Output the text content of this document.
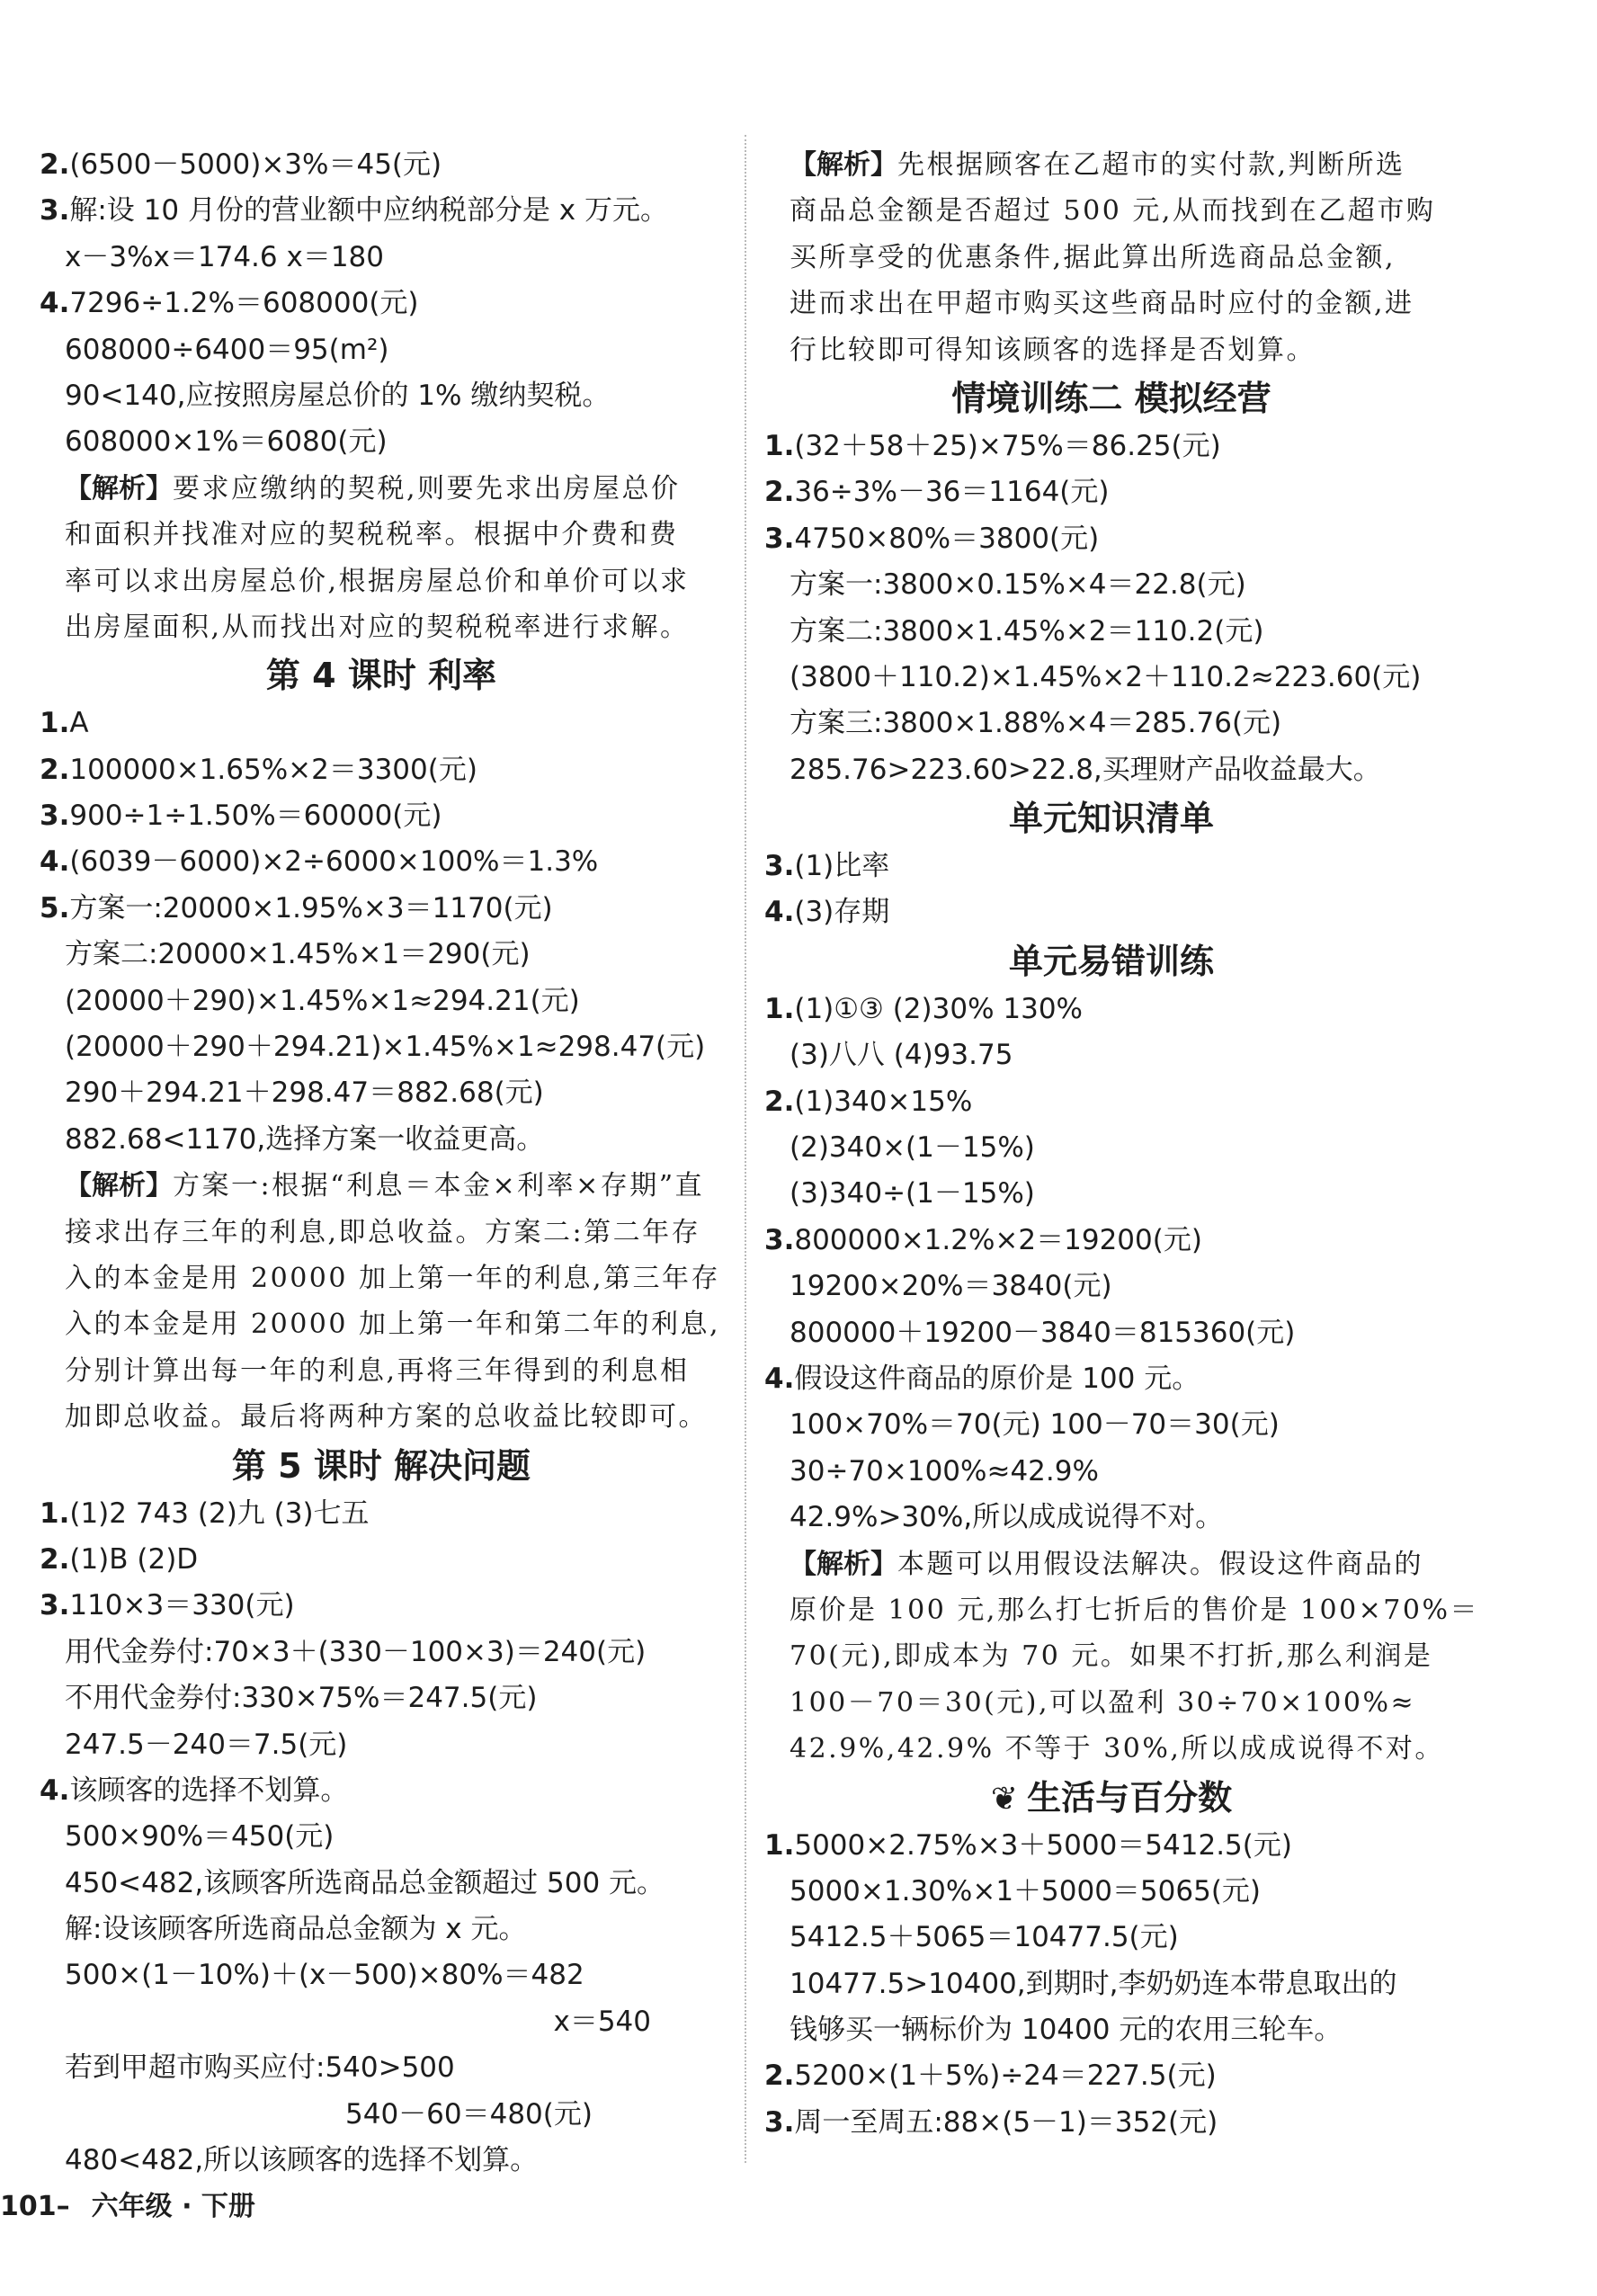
2.(6500－5000)×3%＝45(元)
3.解:设 10 月份的营业额中应纳税部分是 x 万元。
x－3%x＝174.6 x＝180
4.7296÷1.2%＝608000(元)
608000÷6400＝95(m²)
90<140,应按照房屋总价的 1% 缴纳契税。
608000×1%＝6080(元)
【解析】要求应缴纳的契税,则要先求出房屋总价
和面积并找准对应的契税税率。根据中介费和费
率可以求出房屋总价,根据房屋总价和单价可以求
出房屋面积,从而找出对应的契税税率进行求解。
第 4 课时 利率
1.A
2.100000×1.65%×2＝3300(元)
3.900÷1÷1.50%＝60000(元)
4.(6039－6000)×2÷6000×100%＝1.3%
5.方案一:20000×1.95%×3＝1170(元)
方案二:20000×1.45%×1＝290(元)
(20000＋290)×1.45%×1≈294.21(元)
(20000＋290＋294.21)×1.45%×1≈298.47(元)
290＋294.21＋298.47＝882.68(元)
882.68<1170,选择方案一收益更高。
【解析】方案一:根据“利息＝本金×利率×存期”直
接求出存三年的利息,即总收益。方案二:第二年存
入的本金是用 20000 加上第一年的利息,第三年存
入的本金是用 20000 加上第一年和第二年的利息,
分别计算出每一年的利息,再将三年得到的利息相
加即总收益。最后将两种方案的总收益比较即可。
第 5 课时 解决问题
1.(1)2 743 (2)九 (3)七五
2.(1)B (2)D
3.110×3＝330(元)
用代金券付:70×3＋(330－100×3)＝240(元)
不用代金券付:330×75%＝247.5(元)
247.5－240＝7.5(元)
4.该顾客的选择不划算。
500×90%＝450(元)
450<482,该顾客所选商品总金额超过 500 元。
解:设该顾客所选商品总金额为 x 元。
500×(1－10%)＋(x－500)×80%＝482
x＝540
若到甲超市购买应付:540>500
540－60＝480(元)
480<482,所以该顾客的选择不划算。
【解析】先根据顾客在乙超市的实付款,判断所选
商品总金额是否超过 500 元,从而找到在乙超市购
买所享受的优惠条件,据此算出所选商品总金额,
进而求出在甲超市购买这些商品时应付的金额,进
行比较即可得知该顾客的选择是否划算。
情境训练二 模拟经营
1.(32＋58＋25)×75%＝86.25(元)
2.36÷3%－36＝1164(元)
3.4750×80%＝3800(元)
方案一:3800×0.15%×4＝22.8(元)
方案二:3800×1.45%×2＝110.2(元)
(3800＋110.2)×1.45%×2＋110.2≈223.60(元)
方案三:3800×1.88%×4＝285.76(元)
285.76>223.60>22.8,买理财产品收益最大。
单元知识清单
3.(1)比率
4.(3)存期
单元易错训练
1.(1)①③ (2)30% 130%
(3)八八 (4)93.75
2.(1)340×15%
(2)340×(1－15%)
(3)340÷(1－15%)
3.800000×1.2%×2＝19200(元)
19200×20%＝3840(元)
800000＋19200－3840＝815360(元)
4.假设这件商品的原价是 100 元。
100×70%＝70(元) 100－70＝30(元)
30÷70×100%≈42.9%
42.9%>30%,所以成成说得不对。
【解析】本题可以用假设法解决。假设这件商品的
原价是 100 元,那么打七折后的售价是 100×70%＝
70(元),即成本为 70 元。如果不打折,那么利润是
100－70＝30(元),可以盈利 30÷70×100%≈
42.9%,42.9% 不等于 30%,所以成成说得不对。
❦ 生活与百分数
1.5000×2.75%×3＋5000＝5412.5(元)
5000×1.30%×1＋5000＝5065(元)
5412.5＋5065＝10477.5(元)
10477.5>10400,到期时,李奶奶连本带息取出的
钱够买一辆标价为 10400 元的农用三轮车。
2.5200×(1＋5%)÷24＝227.5(元)
3.周一至周五:88×(5－1)＝352(元)
101– 六年级 · 下册
